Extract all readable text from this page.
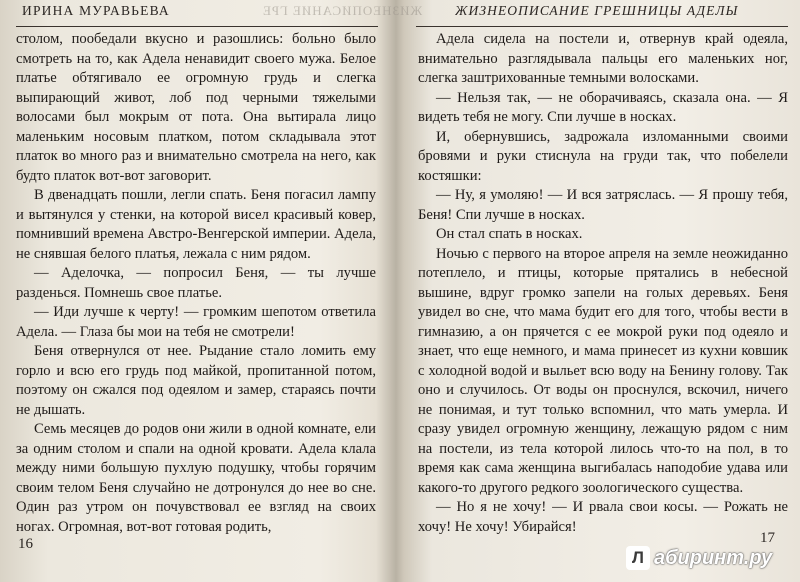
ИРИНА МУРАВЬЕВА	ЖИЗНЕОПИСАНИЕ ГРЕ

столом, пообедали вкусно и разошлись: больно было смотреть на то, как Адела ненавидит своего мужа. Белое платье обтягивало ее огромную грудь и слегка выпирающий живот, лоб под черными тяжелыми волосами был мокрым от пота. Она вытирала лицо маленьким носовым платком, потом складывала этот платок во много раз и внимательно смотрела на него, как будто платок вот-вот заговорит.

В двенадцать пошли, легли спать. Беня погасил лампу и вытянулся у стенки, на которой висел красивый ковер, помнивший времена Австро-Венгерской империи. Адела, не снявшая белого платья, лежала с ним рядом.

— Аделочка, — попросил Беня, — ты лучше разденься. Помнешь свое платье.

— Иди лучше к черту! — громким шепотом ответила Адела. — Глаза бы мои на тебя не смотрели!

Беня отвернулся от нее. Рыдание стало ломить ему горло и всю его грудь под майкой, пропитанной потом, поэтому он сжался под одеялом и замер, стараясь почти не дышать.

Семь месяцев до родов они жили в одной комнате, ели за одним столом и спали на одной кровати. Адела клала между ними большую пухлую подушку, чтобы горячим своим телом Беня случайно не дотронулся до нее во сне. Один раз утром он почувствовал ее взгляд на своих ногах. Огромная, вот-вот готовая родить,

16
ЖИЗНЕОПИСАНИЕ ГРЕШНИЦЫ АДЕЛЫ

Адела сидела на постели и, отвернув край одеяла, внимательно разглядывала пальцы его маленьких ног, слегка заштрихованные темными волосками.

— Нельзя так, — не оборачиваясь, сказала она. — Я видеть тебя не могу. Спи лучше в носках.

И, обернувшись, задрожала изломанными своими бровями и руки стиснула на груди так, что побелели костяшки:

— Ну, я умоляю! — И вся затряслась. — Я прошу тебя, Беня! Спи лучше в носках.

Он стал спать в носках.

Ночью с первого на второе апреля на земле неожиданно потеплело, и птицы, которые прятались в небесной вышине, вдруг громко запели на голых деревьях. Беня увидел во сне, что мама будит его для того, чтобы вести в гимназию, а он прячется с ее мокрой руки под одеяло и знает, что еще немного, и мама принесет из кухни ковшик с холодной водой и выльет всю воду на Бенину голову. Так оно и случилось. От воды он проснулся, вскочил, ничего не понимая, и тут только вспомнил, что мать умерла. И сразу увидел огромную женщину, лежащую рядом с ним на постели, из тела которой лилось что-то на пол, в то время как сама женщина выгибалась наподобие удава или какого-то другого редкого зоологического существа.

— Но я не хочу! — И рвала свои косы. — Рожать не хочу! Не хочу! Убирайся!

17
Л абиринт.ру
